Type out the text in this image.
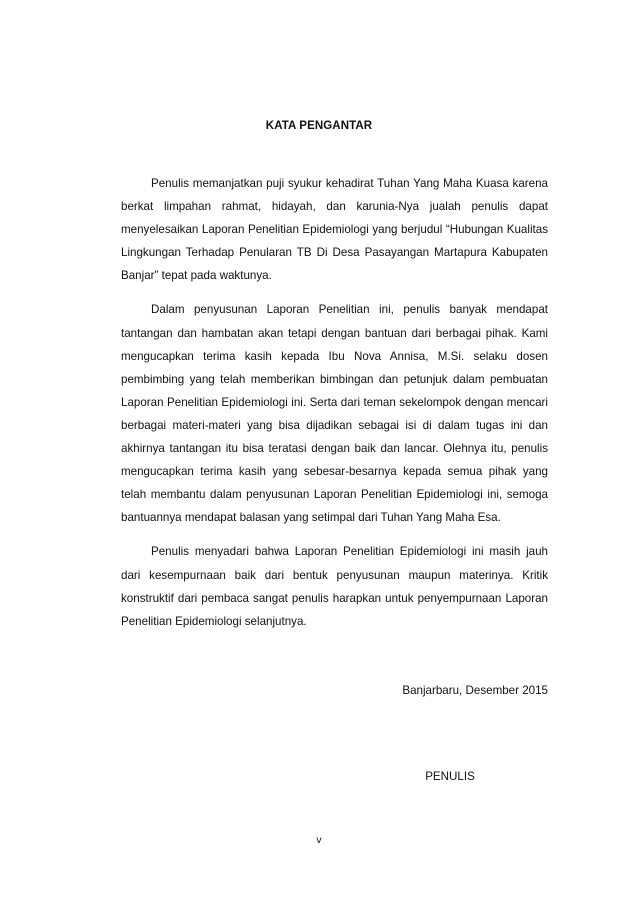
KATA PENGANTAR

Penulis memanjatkan puji syukur kehadirat Tuhan Yang Maha Kuasa karena berkat limpahan rahmat, hidayah, dan karunia-Nya jualah penulis dapat menyelesaikan Laporan Penelitian Epidemiologi yang berjudul “Hubungan Kualitas Lingkungan Terhadap Penularan TB Di Desa Pasayangan Martapura Kabupaten Banjar” tepat pada waktunya.

Dalam penyusunan Laporan Penelitian ini, penulis banyak mendapat tantangan dan hambatan akan tetapi dengan bantuan dari berbagai pihak. Kami mengucapkan terima kasih kepada Ibu Nova Annisa, M.Si. selaku dosen pembimbing yang telah memberikan bimbingan dan petunjuk dalam pembuatan Laporan Penelitian Epidemiologi ini. Serta dari teman sekelompok dengan mencari berbagai materi-materi yang bisa dijadikan sebagai isi di dalam tugas ini dan akhirnya tantangan itu bisa teratasi dengan baik dan lancar. Olehnya itu, penulis mengucapkan terima kasih yang sebesar-besarnya kepada semua pihak yang telah membantu dalam penyusunan Laporan Penelitian Epidemiologi ini, semoga bantuannya mendapat balasan yang setimpal dari Tuhan Yang Maha Esa.

Penulis menyadari bahwa Laporan Penelitian Epidemiologi ini masih jauh dari kesempurnaan baik dari bentuk penyusunan maupun materinya. Kritik konstruktif dari pembaca sangat penulis harapkan untuk penyempurnaan Laporan Penelitian Epidemiologi selanjutnya.

Banjarbaru, Desember 2015
PENULIS
v
